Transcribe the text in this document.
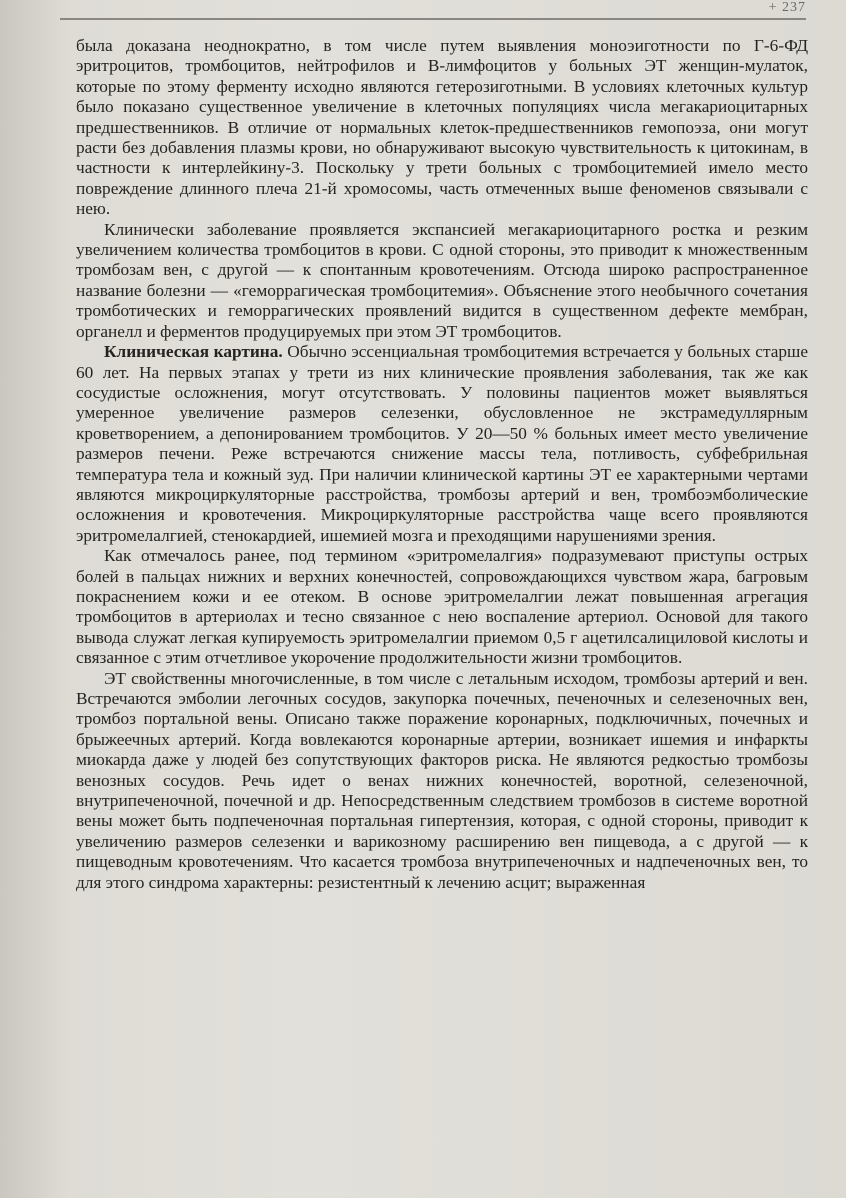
+ 237

была доказана неоднократно, в том числе путем выявления моноэиготности по Г-6-ФД эритроцитов, тромбоцитов, нейтрофилов и В-лимфоцитов у больных ЭТ женщин-мулаток, которые по этому ферменту исходно являются гетерозиготными. В условиях клеточных культур было показано существенное увеличение в клеточных популяциях числа мегакариоцитарных предшественников. В отличие от нормальных клеток-предшественников гемопоэза, они могут расти без добавления плазмы крови, но обнаруживают высокую чувствительность к цитокинам, в частности к интерлейкину-3. Поскольку у трети больных с тромбоцитемией имело место повреждение длинного плеча 21-й хромосомы, часть отмеченных выше феноменов связывали с нею.

Клинически заболевание проявляется экспансией мегакариоцитарного ростка и резким увеличением количества тромбоцитов в крови. С одной стороны, это приводит к множественным тромбозам вен, с другой — к спонтанным кровотечениям. Отсюда широко распространенное название болезни — «геморрагическая тромбоцитемия». Объяснение этого необычного сочетания тромботических и геморрагических проявлений видится в существенном дефекте мембран, органелл и ферментов продуцируемых при этом ЭТ тромбоцитов.

Клиническая картина. Обычно эссенциальная тромбоцитемия встречается у больных старше 60 лет. На первых этапах у трети из них клинические проявления заболевания, так же как сосудистые осложнения, могут отсутствовать. У половины пациентов может выявляться умеренное увеличение размеров селезенки, обусловленное не экстрамедуллярным кроветворением, а депонированием тромбоцитов. У 20—50 % больных имеет место увеличение размеров печени. Реже встречаются снижение массы тела, потливость, субфебрильная температура тела и кожный зуд. При наличии клинической картины ЭТ ее характерными чертами являются микроциркуляторные расстройства, тромбозы артерий и вен, тромбоэмболические осложнения и кровотечения. Микроциркуляторные расстройства чаще всего проявляются эритромелалгией, стенокардией, ишемией мозга и преходящими нарушениями зрения.

Как отмечалось ранее, под термином «эритромелалгия» подразумевают приступы острых болей в пальцах нижних и верхних конечностей, сопровождающихся чувством жара, багровым покраснением кожи и ее отеком. В основе эритромелалгии лежат повышенная агрегация тромбоцитов в артериолах и тесно связанное с нею воспаление артериол. Основой для такого вывода служат легкая купируемость эритромелалгии приемом 0,5 г ацетилсалициловой кислоты и связанное с этим отчетливое укорочение продолжительности жизни тромбоцитов.

ЭТ свойственны многочисленные, в том числе с летальным исходом, тромбозы артерий и вен. Встречаются эмболии легочных сосудов, закупорка почечных, печеночных и селезеночных вен, тромбоз портальной вены. Описано также поражение коронарных, подключичных, почечных и брыжеечных артерий. Когда вовлекаются коронарные артерии, возникает ишемия и инфаркты миокарда даже у людей без сопутствующих факторов риска. Не являются редкостью тромбозы венозных сосудов. Речь идет о венах нижних конечностей, воротной, селезеночной, внутрипеченочной, почечной и др. Непосредственным следствием тромбозов в системе воротной вены может быть подпеченочная портальная гипертензия, которая, с одной стороны, приводит к увеличению размеров селезенки и варикозному расширению вен пищевода, а с другой — к пищеводным кровотечениям. Что касается тромбоза внутрипеченочных и надпеченочных вен, то для этого синдрома характерны: резистентный к лечению асцит; выраженная
